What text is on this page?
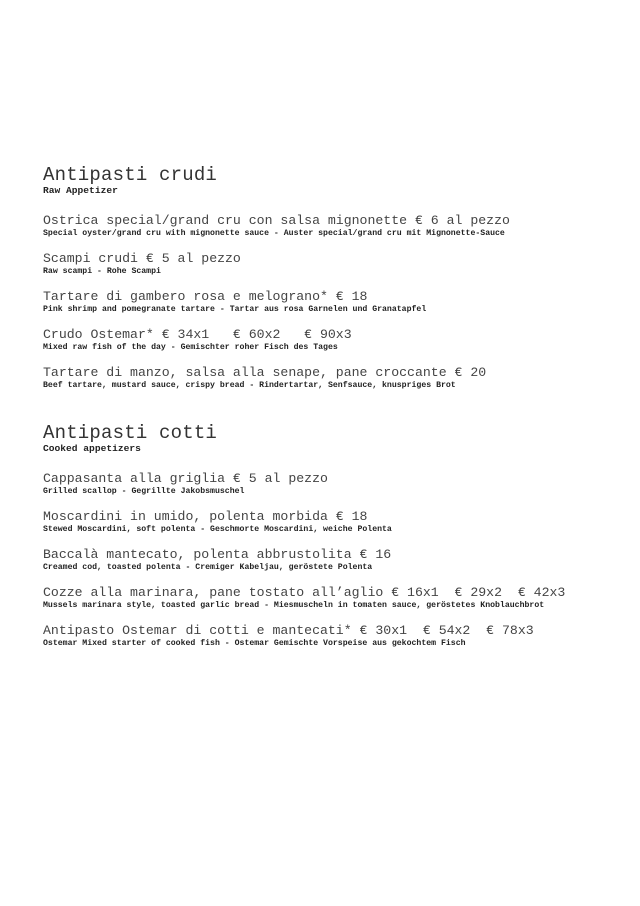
Antipasti crudi
Raw Appetizer
Ostrica special/grand cru con salsa mignonette € 6 al pezzo
Special oyster/grand cru with mignonette sauce - Auster special/grand cru mit Mignonette-Sauce
Scampi crudi € 5 al pezzo
Raw scampi - Rohe Scampi
Tartare di gambero rosa e melograno* € 18
Pink shrimp and pomegranate tartare - Tartar aus rosa Garnelen und Granatapfel
Crudo Ostemar* € 34x1   € 60x2   € 90x3
Mixed raw fish of the day - Gemischter roher Fisch des Tages
Tartare di manzo, salsa alla senape, pane croccante € 20
Beef tartare, mustard sauce, crispy bread - Rindertartar, Senfsauce, knuspriges Brot
Antipasti cotti
Cooked appetizers
Cappasanta alla griglia € 5 al pezzo
Grilled scallop - Gegrillte Jakobsmuschel
Moscardini in umido, polenta morbida € 18
Stewed Moscardini, soft polenta - Geschmorte Moscardini, weiche Polenta
Baccalà mantecato, polenta abbrustolita € 16
Creamed cod, toasted polenta - Cremiger Kabeljau, geröstete Polenta
Cozze alla marinara, pane tostato all’aglio € 16x1  € 29x2  € 42x3
Mussels marinara style, toasted garlic bread - Miesmuscheln in tomaten sauce, geröstetes Knoblauchbrot
Antipasto Ostemar di cotti e mantecati* € 30x1  € 54x2  € 78x3
Ostemar Mixed starter of cooked fish - Ostemar Gemischte Vorspeise aus gekochtem Fisch
